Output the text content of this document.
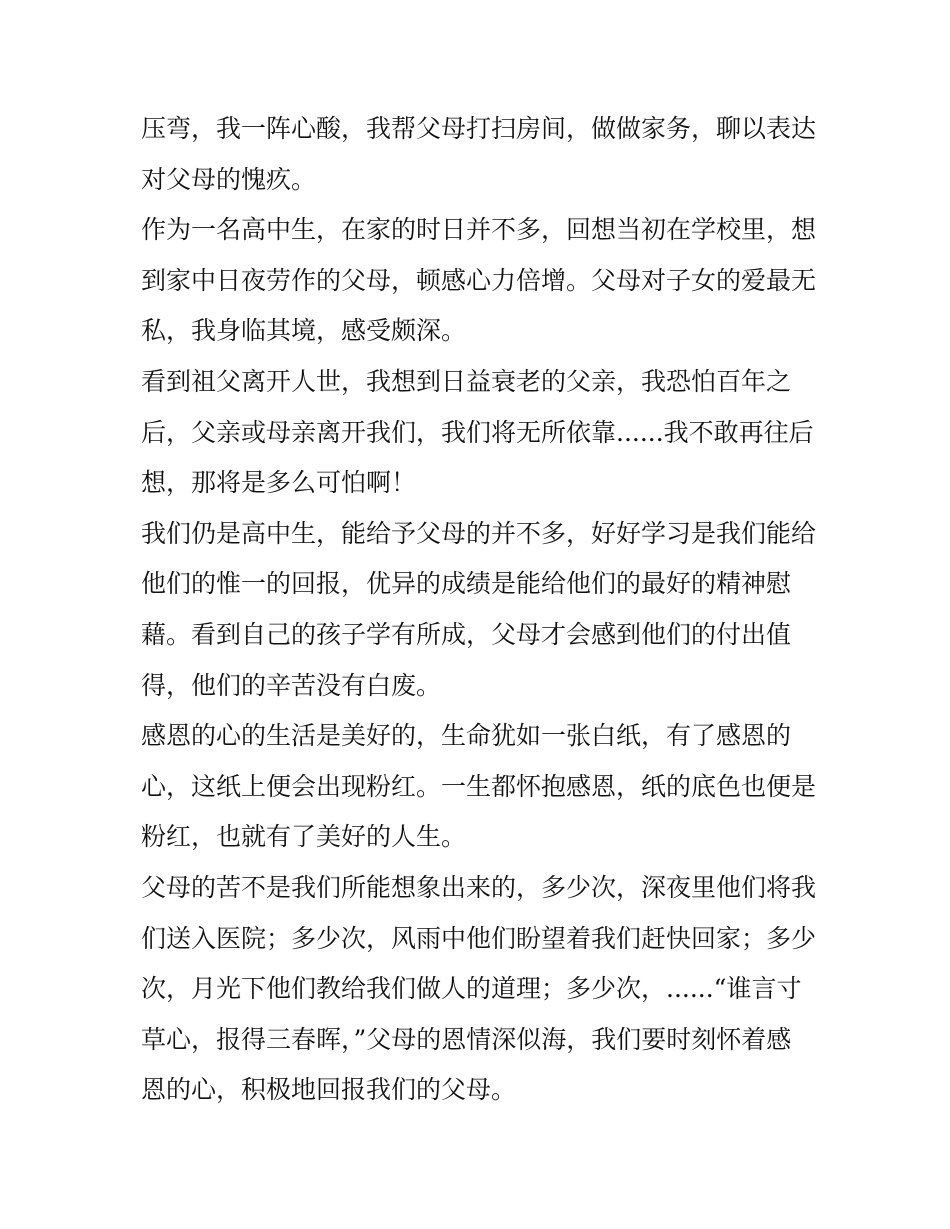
压弯，我一阵心酸，我帮父母打扫房间，做做家务，聊以表达
对父母的愧疚。
作为一名高中生，在家的时日并不多，回想当初在学校里，想
到家中日夜劳作的父母，顿感心力倍增。父母对子女的爱最无
私，我身临其境，感受颇深。
看到祖父离开人世，我想到日益衰老的父亲，我恐怕百年之
后，父亲或母亲离开我们，我们将无所依靠......我不敢再往后
想，那将是多么可怕啊！
我们仍是高中生，能给予父母的并不多，好好学习是我们能给
他们的惟一的回报，优异的成绩是能给他们的最好的精神慰
藉。看到自己的孩子学有所成，父母才会感到他们的付出值
得，他们的辛苦没有白废。
感恩的心的生活是美好的，生命犹如一张白纸，有了感恩的
心，这纸上便会出现粉红。一生都怀抱感恩，纸的底色也便是
粉红，也就有了美好的人生。
父母的苦不是我们所能想象出来的，多少次，深夜里他们将我
们送入医院；多少次，风雨中他们盼望着我们赶快回家；多少
次，月光下他们教给我们做人的道理；多少次，......“谁言寸
草心，报得三春晖，”父母的恩情深似海，我们要时刻怀着感
恩的心，积极地回报我们的父母。
